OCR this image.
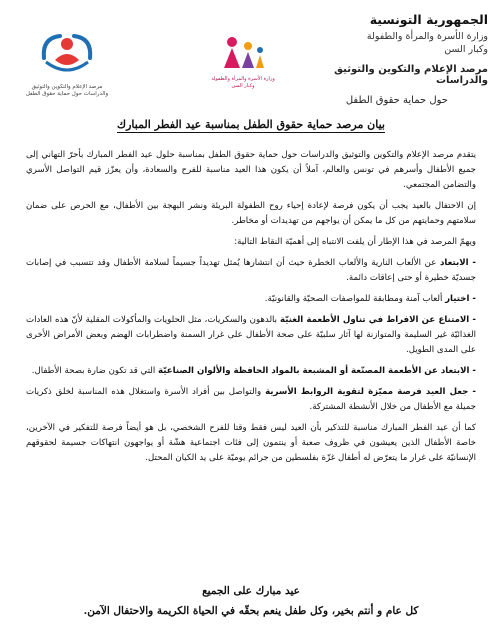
مرصد الإعلام والتكوين والتوثيق والدراسات حول حماية حقوق الطفل
وزارة الأسرة والمرأة والطفولة وكبار السن
الجمهورية التونسية
وزارة الأسرة والمرأة والطفولة
وكبار السن
مرصد الإعلام والتكوين والتوثيق والدراسات
حول حماية حقوق الطفل
بيان مرصد حماية حقوق الطفل بمناسبة عيد الفطر المبارك

يتقدم مرصد الإعلام والتكوين والتوثيق والدراسات حول حماية حقوق الطفل بمناسبة حلول عيد الفطر المبارك بأحرّ التهاني إلى جميع الأطفال وأسرهم في تونس والعالم، آملاً أن يكون هذا العيد مناسبة للفرح والسعادة، وأن يعزّز قيم التواصل الأسري والتضامن المجتمعي.

إن الاحتفال بالعيد يجب أن يكون فرصة لإعادة إحياء روح الطفولة البريئة ونشر البهجة بين الأطفال، مع الحرص على ضمان سلامتهم وحمايتهم من كل ما يمكن أن يواجهم من تهديدات أو مخاطر.

ويهمّ المرصد في هذا الإطار أن يلفت الانتباه إلى أهميّة النقاط التالية:

- الابتعاد عن الألعاب النارية والألعاب الخطرة حيث أن انتشارها يُمثل تهديداً جسيماً لسلامة الأطفال وقد تتسبب في إصابات جسديّة خطيرة أو حتى إعاقات دائمة.
- اختيار ألعاب آمنة ومطابقة للمواصفات الصحيّة والقانونيّة.
- الامتناع عن الافراط في تناول الأطعمة الغنيّة بالدهون والسكريات، مثل الحلويات والمأكولات المقلية لأنّ هذه العادات الغذائيّة غير السليمة والمتوازنة لها آثار سلبيّة على صحة الأطفال على غرار السمنة واضطرابات الهضم وبعض الأمراض الأخرى على المدى الطويل.
- الابتعاد عن الأطعمة المصنّعة أو المشبعة بالمواد الحافظة والألوان الصناعيّة التي قد تكون ضارة بصحة الأطفال.
- جعل العيد فرصة مميّزة لتقوية الروابط الأسرية والتواصل بين أفراد الأسرة واستغلال هذه المناسبة لخلق ذكريات جميلة مع الأطفال من خلال الأنشطة المشتركة.

كما أن عيد الفطر المبارك مناسبة للتذكير بأن العيد ليس فقط وقتا للفرح الشخصي، بل هو أيضاً فرصة للتفكير في الآخرين، خاصة الأطفال الذين يعيشون في ظروف صعبة أو ينتمون إلى فئات اجتماعية هشّة أو يواجهون انتهاكات جسيمة لحقوقهم الإنسانيّة على غرار ما يتعرّض له أطفال غزّة بفلسطين من جرائم يوميّة على يد الكيان المحتل.

عيد مبارك على الجميع
كل عام و أنتم بخير، وكل طفل ينعم بحقّه في الحياة الكريمة والاحتفال الآمن.
